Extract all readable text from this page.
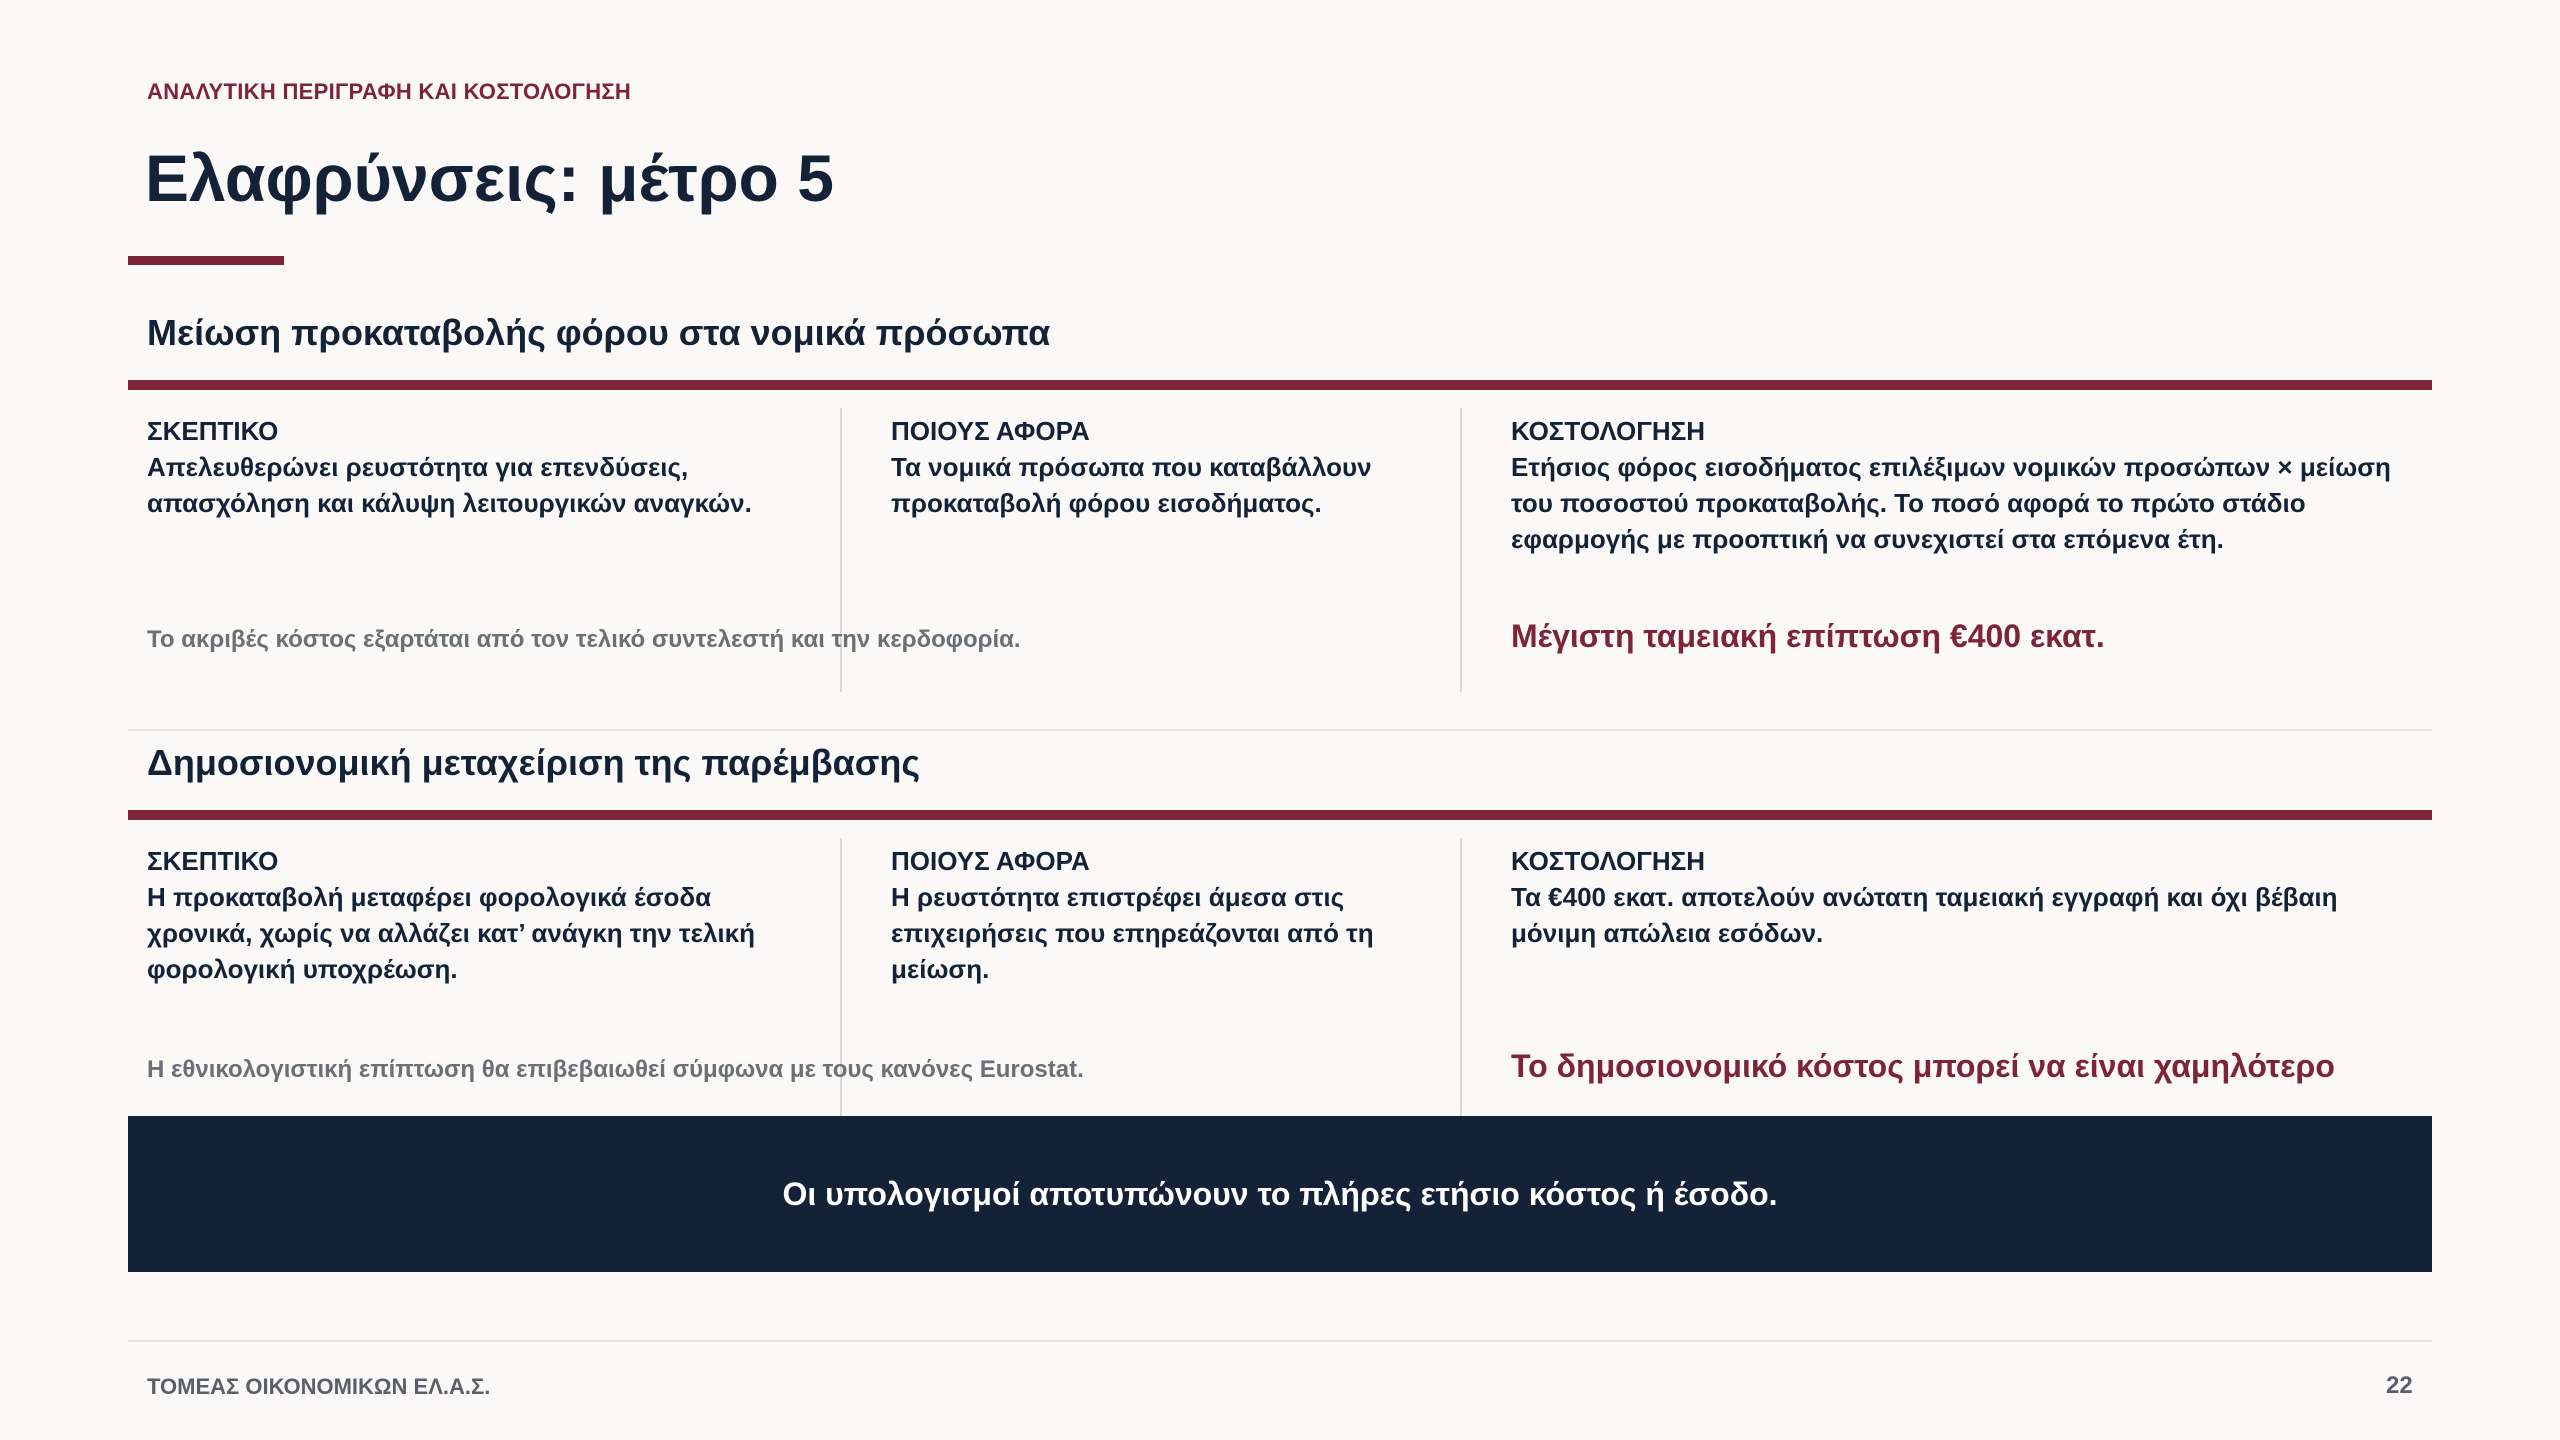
ΑΝΑΛΥΤΙΚΗ ΠΕΡΙΓΡΑΦΗ ΚΑΙ ΚΟΣΤΟΛΟΓΗΣΗ
Ελαφρύνσεις: μέτρο 5
Μείωση προκαταβολής φόρου στα νομικά πρόσωπα
ΣΚΕΠΤΙΚΟ
Απελευθερώνει ρευστότητα για επενδύσεις, απασχόληση και κάλυψη λειτουργικών αναγκών.
ΠΟΙΟΥΣ ΑΦΟΡΑ
Τα νομικά πρόσωπα που καταβάλλουν προκαταβολή φόρου εισοδήματος.
ΚΟΣΤΟΛΟΓΗΣΗ
Ετήσιος φόρος εισοδήματος επιλέξιμων νομικών προσώπων × μείωση του ποσοστού προκαταβολής. Το ποσό αφορά το πρώτο στάδιο εφαρμογής με προοπτική να συνεχιστεί στα επόμενα έτη.
Το ακριβές κόστος εξαρτάται από τον τελικό συντελεστή και την κερδοφορία.	Μέγιστη ταμειακή επίπτωση €400 εκατ.
Δημοσιονομική μεταχείριση της παρέμβασης
ΣΚΕΠΤΙΚΟ
Η προκαταβολή μεταφέρει φορολογικά έσοδα χρονικά, χωρίς να αλλάζει κατ’ ανάγκη την τελική φορολογική υποχρέωση.
ΠΟΙΟΥΣ ΑΦΟΡΑ
Η ρευστότητα επιστρέφει άμεσα στις επιχειρήσεις που επηρεάζονται από τη μείωση.
ΚΟΣΤΟΛΟΓΗΣΗ
Τα €400 εκατ. αποτελούν ανώτατη ταμειακή εγγραφή και όχι βέβαιη μόνιμη απώλεια εσόδων.
Η εθνικολογιστική επίπτωση θα επιβεβαιωθεί σύμφωνα με τους κανόνες Eurostat.	Το δημοσιονομικό κόστος μπορεί να είναι χαμηλότερο
Οι υπολογισμοί αποτυπώνουν το πλήρες ετήσιο κόστος ή έσοδο.
ΤΟΜΕΑΣ ΟΙΚΟΝΟΜΙΚΩΝ ΕΛ.Α.Σ.	22
